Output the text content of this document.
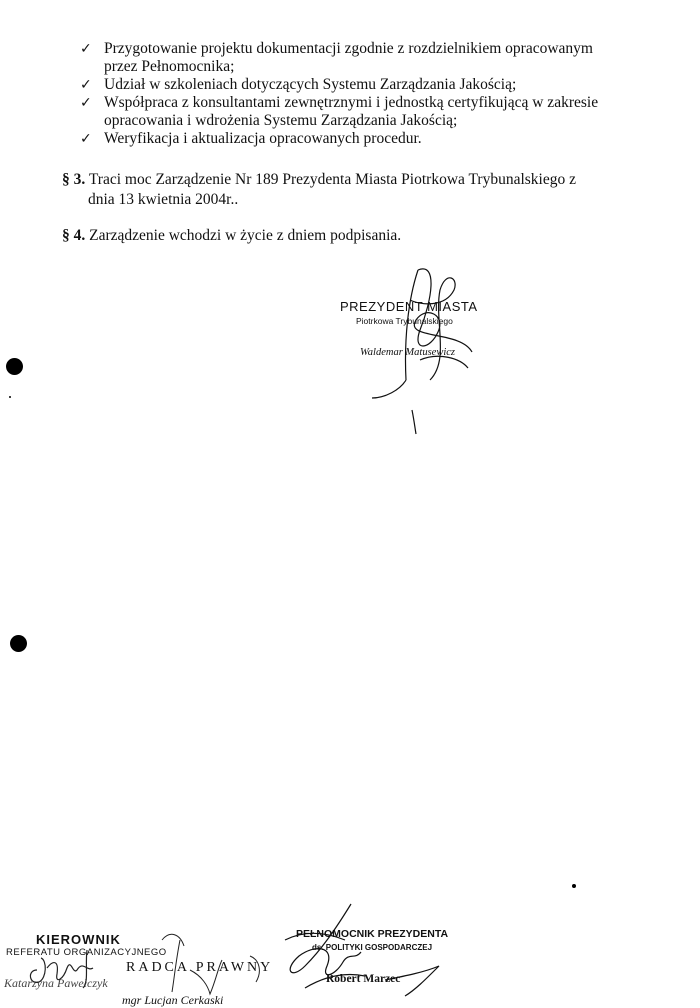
✓ Przygotowanie projektu dokumentacji zgodnie z rozdzielnikiem opracowanym
przez Pełnomocnika;
✓ Udział w szkoleniach dotyczących Systemu Zarządzania Jakością;
✓ Współpraca z konsultantami zewnętrznymi i jednostką certyfikującą w zakresie
opracowania i wdrożenia Systemu Zarządzania Jakością;
✓ Weryfikacja i aktualizacja opracowanych procedur.
§ 3. Traci moc Zarządzenie Nr 189 Prezydenta Miasta Piotrkowa Trybunalskiego z
dnia 13 kwietnia 2004r..
§ 4. Zarządzenie wchodzi w życie z dniem podpisania.
PREZYDENT MIASTA
Piotrkowa Trybunalskiego
Waldemar Matusewicz
KIEROWNIK
REFERATU ORGANIZACYJNEGO
Katarzyna Pawełczyk
RADCA PRAWNY
mgr Lucjan Cerkaski
PEŁNOMOCNIK PREZYDENTA
ds. POLITYKI GOSPODARCZEJ
Robert Marzec
